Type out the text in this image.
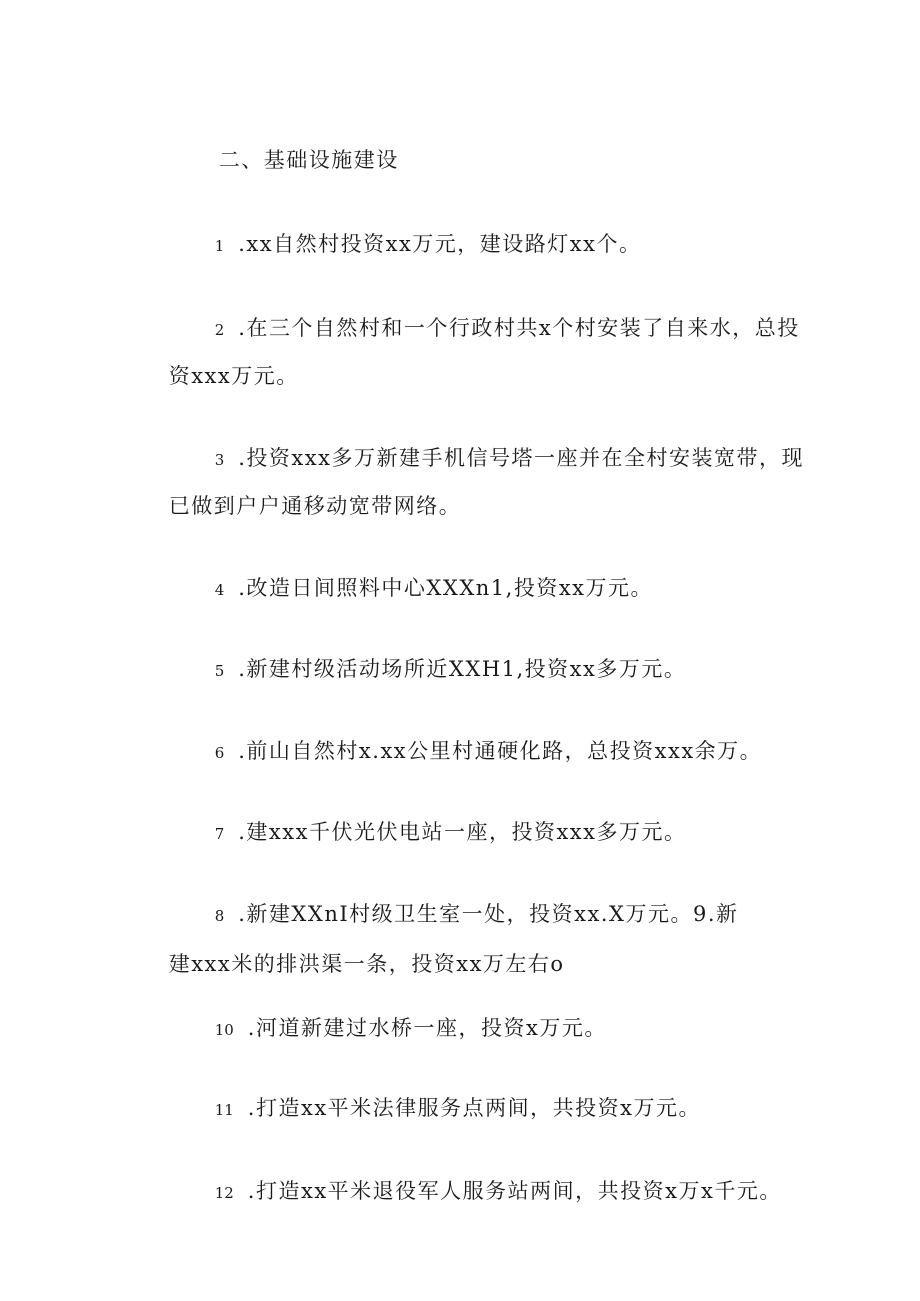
二、基础设施建设

1 .xx自然村投资xx万元，建设路灯xx个。

2 .在三个自然村和一个行政村共x个村安装了自来水，总投

资xxx万元。

3 .投资xxx多万新建手机信号塔一座并在全村安装宽带，现

已做到户户通移动宽带网络。

4 .改造日间照料中心XXXn1,投资xx万元。

5 .新建村级活动场所近XXH1,投资xx多万元。

6 .前山自然村x.xx公里村通硬化路，总投资xxx余万。

7 .建xxx千伏光伏电站一座，投资xxx多万元。

8 .新建XXnI村级卫生室一处，投资xx.X万元。9.新

建xxx米的排洪渠一条，投资xx万左右o

10 .河道新建过水桥一座，投资x万元。

11 .打造xx平米法律服务点两间，共投资x万元。

12 .打造xx平米退役军人服务站两间，共投资x万x千元。
